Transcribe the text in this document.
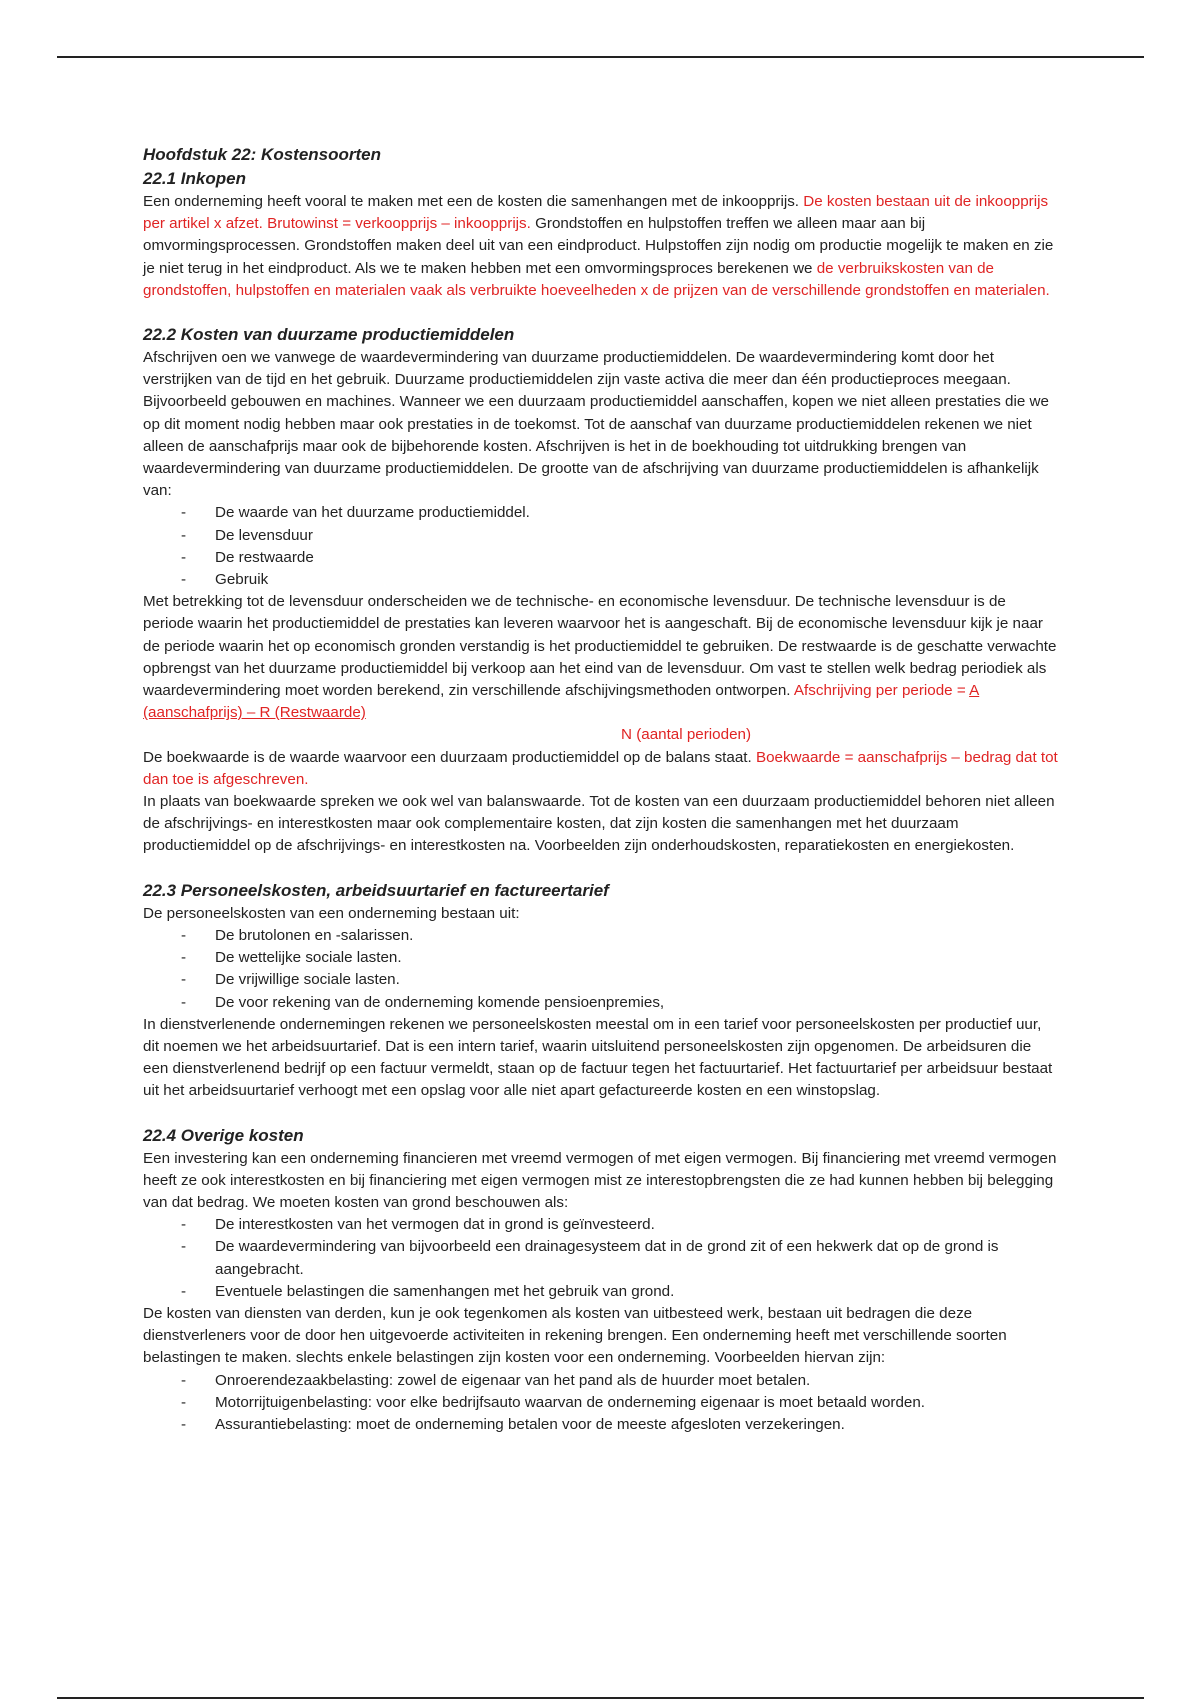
Hoofdstuk 22: Kostensoorten
22.1 Inkopen

Een onderneming heeft vooral te maken met een de kosten die samenhangen met de inkoopprijs. De kosten bestaan uit de inkoopprijs per artikel x afzet. Brutowinst = verkoopprijs – inkoopprijs. Grondstoffen en hulpstoffen treffen we alleen maar aan bij omvormingsprocessen. Grondstoffen maken deel uit van een eindproduct. Hulpstoffen zijn nodig om productie mogelijk te maken en zie je niet terug in het eindproduct. Als we te maken hebben met een omvormingsproces berekenen we de verbruikskosten van de grondstoffen, hulpstoffen en materialen vaak als verbruikte hoeveelheden x de prijzen van de verschillende grondstoffen en materialen.

22.2 Kosten van duurzame productiemiddelen

Afschrijven oen we vanwege de waardevermindering van duurzame productiemiddelen. De waardevermindering komt door het verstrijken van de tijd en het gebruik. Duurzame productiemiddelen zijn vaste activa die meer dan één productieproces meegaan. Bijvoorbeeld gebouwen en machines. Wanneer we een duurzaam productiemiddel aanschaffen, kopen we niet alleen prestaties die we op dit moment nodig hebben maar ook prestaties in de toekomst. Tot de aanschaf van duurzame productiemiddelen rekenen we niet alleen de aanschafprijs maar ook de bijbehorende kosten. Afschrijven is het in de boekhouding tot uitdrukking brengen van waardevermindering van duurzame productiemiddelen. De grootte van de afschrijving van duurzame productiemiddelen is afhankelijk van:

- De waarde van het duurzame productiemiddel.
- De levensduur
- De restwaarde
- Gebruik

Met betrekking tot de levensduur onderscheiden we de technische- en economische levensduur. De technische levensduur is de periode waarin het productiemiddel de prestaties kan leveren waarvoor het is aangeschaft. Bij de economische levensduur kijk je naar de periode waarin het op economisch gronden verstandig is het productiemiddel te gebruiken. De restwaarde is de geschatte verwachte opbrengst van het duurzame productiemiddel bij verkoop aan het eind van de levensduur. Om vast te stellen welk bedrag periodiek als waardevermindering moet worden berekend, zin verschillende afschijvingsmethoden ontworpen. Afschrijving per periode = A (aanschafprijs) – R (Restwaarde)

N (aantal perioden)

De boekwaarde is de waarde waarvoor een duurzaam productiemiddel op de balans staat. Boekwaarde = aanschafprijs – bedrag dat tot dan toe is afgeschreven.

In plaats van boekwaarde spreken we ook wel van balanswaarde. Tot de kosten van een duurzaam productiemiddel behoren niet alleen de afschrijvings- en interestkosten maar ook complementaire kosten, dat zijn kosten die samenhangen met het duurzaam productiemiddel op de afschrijvings- en interestkosten na. Voorbeelden zijn onderhoudskosten, reparatiekosten en energiekosten.

22.3 Personeelskosten, arbeidsuurtarief en factureertarief

De personeelskosten van een onderneming bestaan uit:

- De brutolonen en -salarissen.
- De wettelijke sociale lasten.
- De vrijwillige sociale lasten.
- De voor rekening van de onderneming komende pensioenpremies,

In dienstverlenende ondernemingen rekenen we personeelskosten meestal om in een tarief voor personeelskosten per productief uur, dit noemen we het arbeidsuurtarief. Dat is een intern tarief, waarin uitsluitend personeelskosten zijn opgenomen. De arbeidsuren die een dienstverlenend bedrijf op een factuur vermeldt, staan op de factuur tegen het factuurtarief. Het factuurtarief per arbeidsuur bestaat uit het arbeidsuurtarief verhoogt met een opslag voor alle niet apart gefactureerde kosten en een winstopslag.

22.4 Overige kosten

Een investering kan een onderneming financieren met vreemd vermogen of met eigen vermogen. Bij financiering met vreemd vermogen heeft ze ook interestkosten en bij financiering met eigen vermogen mist ze interestopbrengsten die ze had kunnen hebben bij belegging van dat bedrag. We moeten kosten van grond beschouwen als:

- De interestkosten van het vermogen dat in grond is geïnvesteerd.
- De waardevermindering van bijvoorbeeld een drainagesysteem dat in de grond zit of een hekwerk dat op de grond is aangebracht.
- Eventuele belastingen die samenhangen met het gebruik van grond.

De kosten van diensten van derden, kun je ook tegenkomen als kosten van uitbesteed werk, bestaan uit bedragen die deze dienstverleners voor de door hen uitgevoerde activiteiten in rekening brengen. Een onderneming heeft met verschillende soorten belastingen te maken. slechts enkele belastingen zijn kosten voor een onderneming. Voorbeelden hiervan zijn:

- Onroerendezaakbelasting: zowel de eigenaar van het pand als de huurder moet betalen.
- Motorrijtuigenbelasting: voor elke bedrijfsauto waarvan de onderneming eigenaar is moet betaald worden.
- Assurantiebelasting: moet de onderneming betalen voor de meeste afgesloten verzekeringen.
